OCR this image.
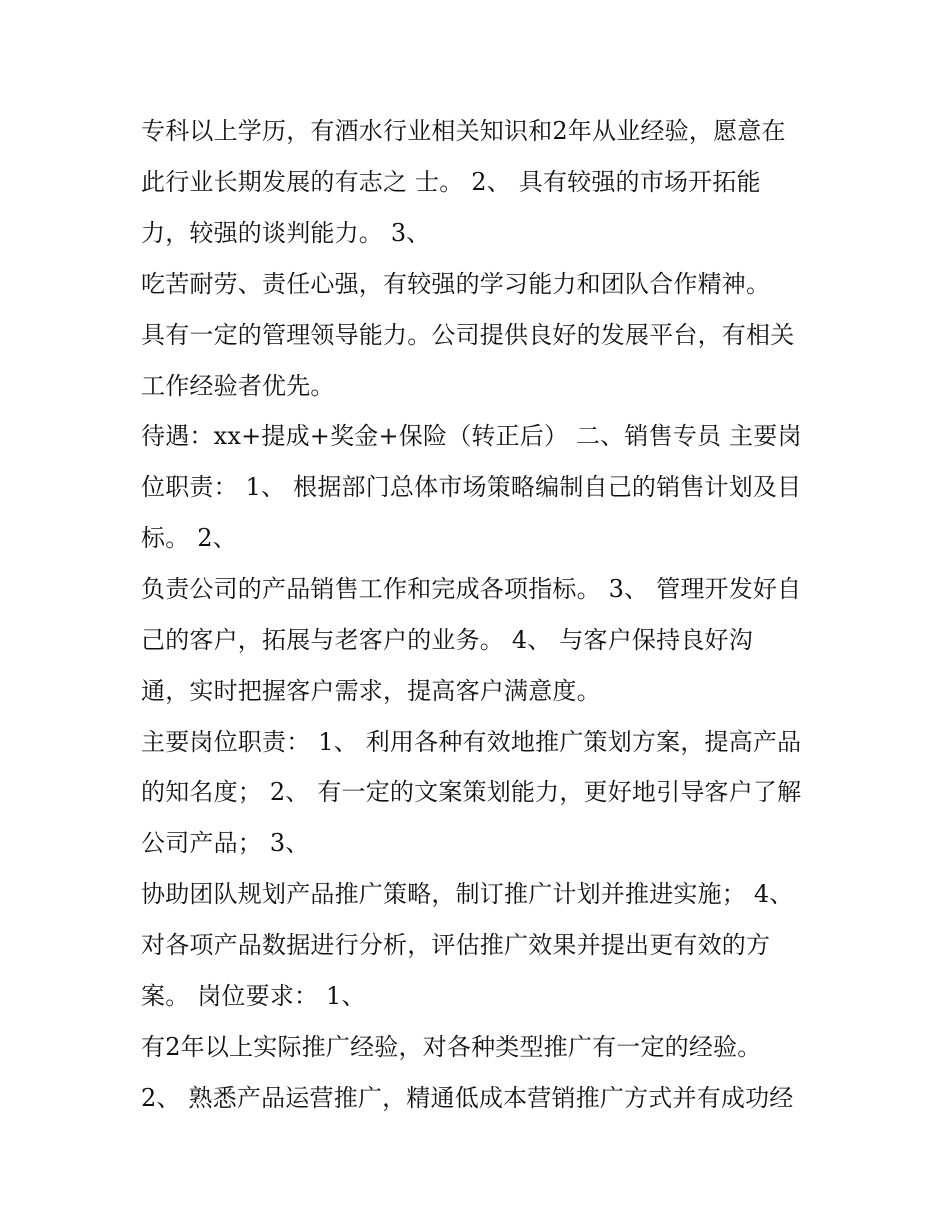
专科以上学历，有酒水行业相关知识和2年从业经验，愿意在

此行业长期发展的有志之 士。 2、 具有较强的市场开拓能

力，较强的谈判能力。 3、

吃苦耐劳、责任心强，有较强的学习能力和团队合作精神。

具有一定的管理领导能力。公司提供良好的发展平台，有相关

工作经验者优先。

待遇：xx+提成+奖金+保险（转正后） 二、销售专员 主要岗

位职责： 1、 根据部门总体市场策略编制自己的销售计划及目

标。 2、

负责公司的产品销售工作和完成各项指标。 3、 管理开发好自

己的客户，拓展与老客户的业务。 4、 与客户保持良好沟

通，实时把握客户需求，提高客户满意度。

主要岗位职责： 1、 利用各种有效地推广策划方案，提高产品

的知名度； 2、 有一定的文案策划能力，更好地引导客户了解

公司产品； 3、

协助团队规划产品推广策略，制订推广计划并推进实施； 4、

对各项产品数据进行分析，评估推广效果并提出更有效的方

案。 岗位要求： 1、

有2年以上实际推广经验，对各种类型推广有一定的经验。

2、 熟悉产品运营推广，精通低成本营销推广方式并有成功经
